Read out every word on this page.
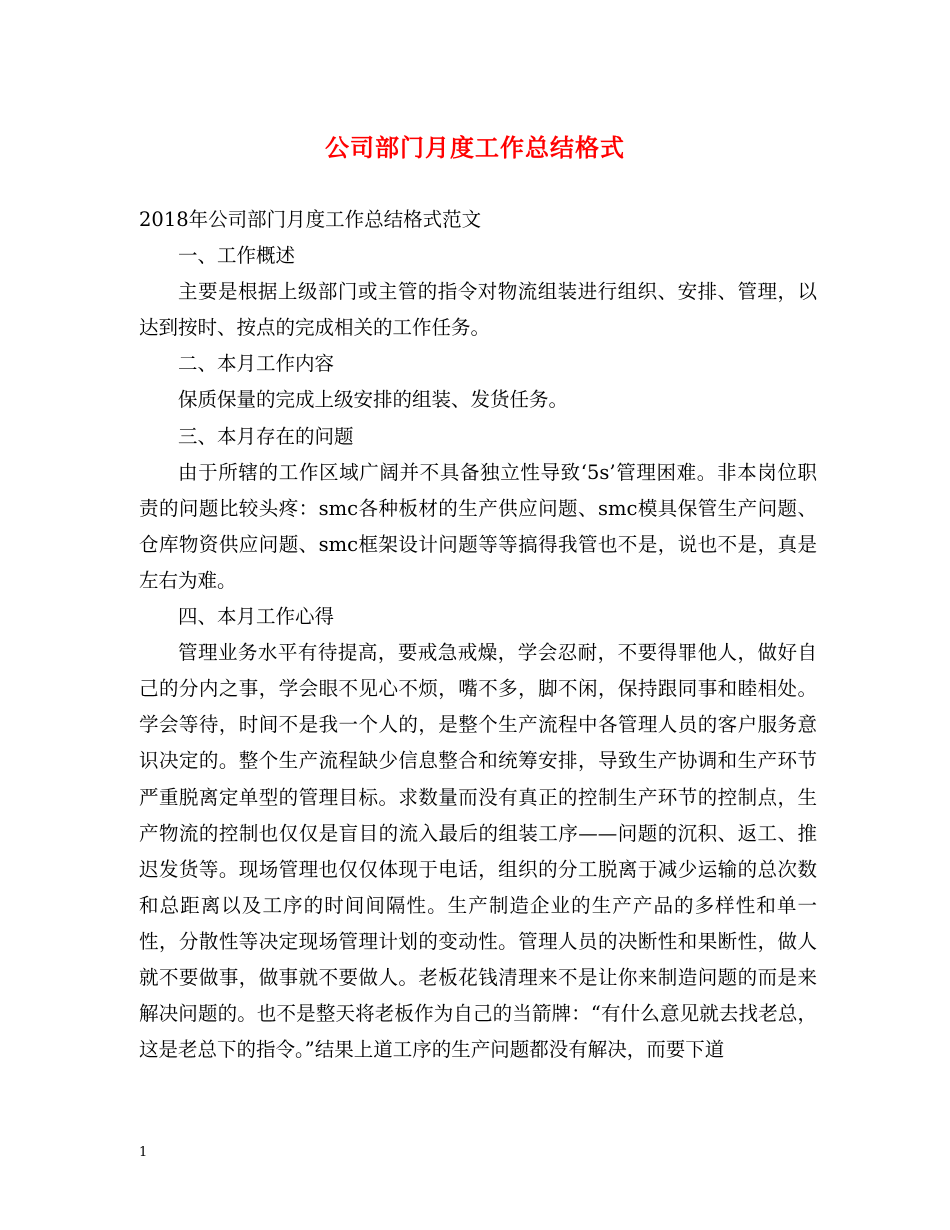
公司部门月度工作总结格式

2018年公司部门月度工作总结格式范文

一、工作概述

主要是根据上级部门或主管的指令对物流组装进行组织、安排、管理，以达到按时、按点的完成相关的工作任务。

二、本月工作内容

保质保量的完成上级安排的组装、发货任务。

三、本月存在的问题

由于所辖的工作区域广阔并不具备独立性导致‘5s’管理困难。非本岗位职责的问题比较头疼：smc各种板材的生产供应问题、smc模具保管生产问题、仓库物资供应问题、smc框架设计问题等等搞得我管也不是，说也不是，真是左右为难。

四、本月工作心得

管理业务水平有待提高，要戒急戒燥，学会忍耐，不要得罪他人，做好自己的分内之事，学会眼不见心不烦，嘴不多，脚不闲，保持跟同事和睦相处。学会等待，时间不是我一个人的，是整个生产流程中各管理人员的客户服务意识决定的。整个生产流程缺少信息整合和统筹安排，导致生产协调和生产环节严重脱离定单型的管理目标。求数量而没有真正的控制生产环节的控制点，生产物流的控制也仅仅是盲目的流入最后的组装工序——问题的沉积、返工、推迟发货等。现场管理也仅仅体现于电话，组织的分工脱离于减少运输的总次数和总距离以及工序的时间间隔性。生产制造企业的生产产品的多样性和单一性，分散性等决定现场管理计划的变动性。管理人员的决断性和果断性，做人就不要做事，做事就不要做人。老板花钱清理来不是让你来制造问题的而是来解决问题的。也不是整天将老板作为自己的当箭牌：“有什么意见就去找老总，这是老总下的指令。”结果上道工序的生产问题都没有解决，而要下道

1
